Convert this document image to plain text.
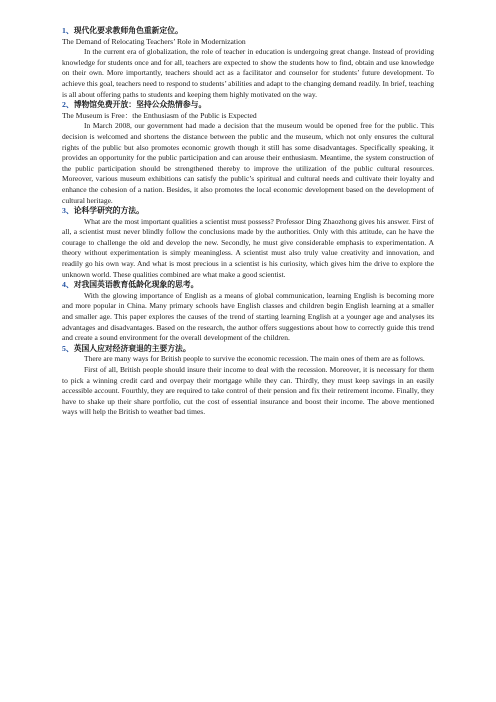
1、现代化要求教师角色重新定位。

The Demand of Relocating Teachers’ Role in Modernization

In the current era of globalization, the role of teacher in education is undergoing great change. Instead of providing knowledge for students once and for all, teachers are expected to show the students how to find, obtain and use knowledge on their own. More importantly, teachers should act as a facilitator and counselor for students’ future development. To achieve this goal, teachers need to respond to students’ abilities and adapt to the changing demand readily. In brief, teaching is all about offering paths to students and keeping them highly motivated on the way.

2、博物馆免费开放：坚持公众热情参与。

The Museum is Free：the Enthusiasm of the Public is Expected

In March 2008, our government had made a decision that the museum would be opened free for the public. This decision is welcomed and shortens the distance between the public and the museum, which not only ensures the cultural rights of the public but also promotes economic growth though it still has some disadvantages. Specifically speaking, it provides an opportunity for the public participation and can arouse their enthusiasm. Meantime, the system construction of the public participation should be strengthened thereby to improve the utilization of the public cultural resources. Moreover, various museum exhibitions can satisfy the public’s spiritual and cultural needs and cultivate their loyalty and enhance the cohesion of a nation. Besides, it also promotes the local economic development based on the development of cultural heritage.

3、论科学研究的方法。

What are the most important qualities a scientist must possess? Professor Ding Zhaozhong gives his answer. First of all, a scientist must never blindly follow the conclusions made by the authorities. Only with this attitude, can he have the courage to challenge the old and develop the new. Secondly, he must give considerable emphasis to experimentation. A theory without experimentation is simply meaningless. A scientist must also truly value creativity and innovation, and readily go his own way. And what is most precious in a scientist is his curiosity, which gives him the drive to explore the unknown world. These qualities combined are what make a good scientist.

4、对我国英语教育低龄化现象的思考。

With the glowing importance of English as a means of global communication, learning English is becoming more and more popular in China. Many primary schools have English classes and children begin English learning at a smaller and smaller age. This paper explores the causes of the trend of starting learning English at a younger age and analyses its advantages and disadvantages. Based on the research, the author offers suggestions about how to correctly guide this trend and create a sound environment for the overall development of the children.

5、英国人应对经济衰退的主要方法。

There are many ways for British people to survive the economic recession. The main ones of them are as follows.

First of all, British people should insure their income to deal with the recession. Moreover, it is necessary for them to pick a winning credit card and overpay their mortgage while they can. Thirdly, they must keep savings in an easily accessible account. Fourthly, they are required to take control of their pension and fix their retirement income. Finally, they have to shake up their share portfolio, cut the cost of essential insurance and boost their income. The above mentioned ways will help the British to weather bad times.
